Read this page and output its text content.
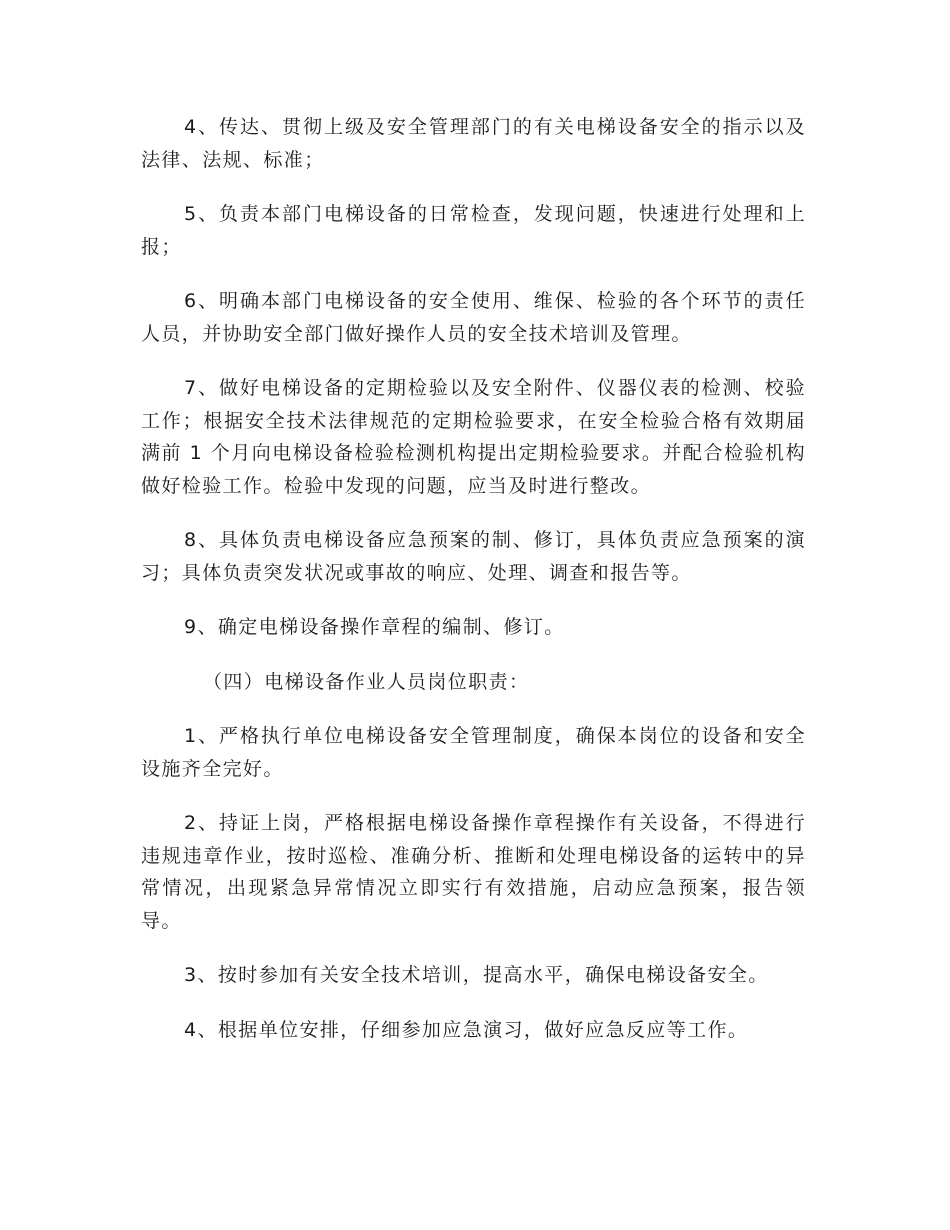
4、传达、贯彻上级及安全管理部门的有关电梯设备安全的指示以及法律、法规、标准；

5、负责本部门电梯设备的日常检查，发现问题，快速进行处理和上报；

6、明确本部门电梯设备的安全使用、维保、检验的各个环节的责任人员，并协助安全部门做好操作人员的安全技术培训及管理。

7、做好电梯设备的定期检验以及安全附件、仪器仪表的检测、校验工作；根据安全技术法律规范的定期检验要求，在安全检验合格有效期届满前 1 个月向电梯设备检验检测机构提出定期检验要求。并配合检验机构做好检验工作。检验中发现的问题，应当及时进行整改。

8、具体负责电梯设备应急预案的制、修订，具体负责应急预案的演习；具体负责突发状况或事故的响应、处理、调查和报告等。

9、确定电梯设备操作章程的编制、修订。

（四）电梯设备作业人员岗位职责：

1、严格执行单位电梯设备安全管理制度，确保本岗位的设备和安全设施齐全完好。

2、持证上岗，严格根据电梯设备操作章程操作有关设备，不得进行违规违章作业，按时巡检、准确分析、推断和处理电梯设备的运转中的异常情况，出现紧急异常情况立即实行有效措施，启动应急预案，报告领导。

3、按时参加有关安全技术培训，提高水平，确保电梯设备安全。

4、根据单位安排，仔细参加应急演习，做好应急反应等工作。
